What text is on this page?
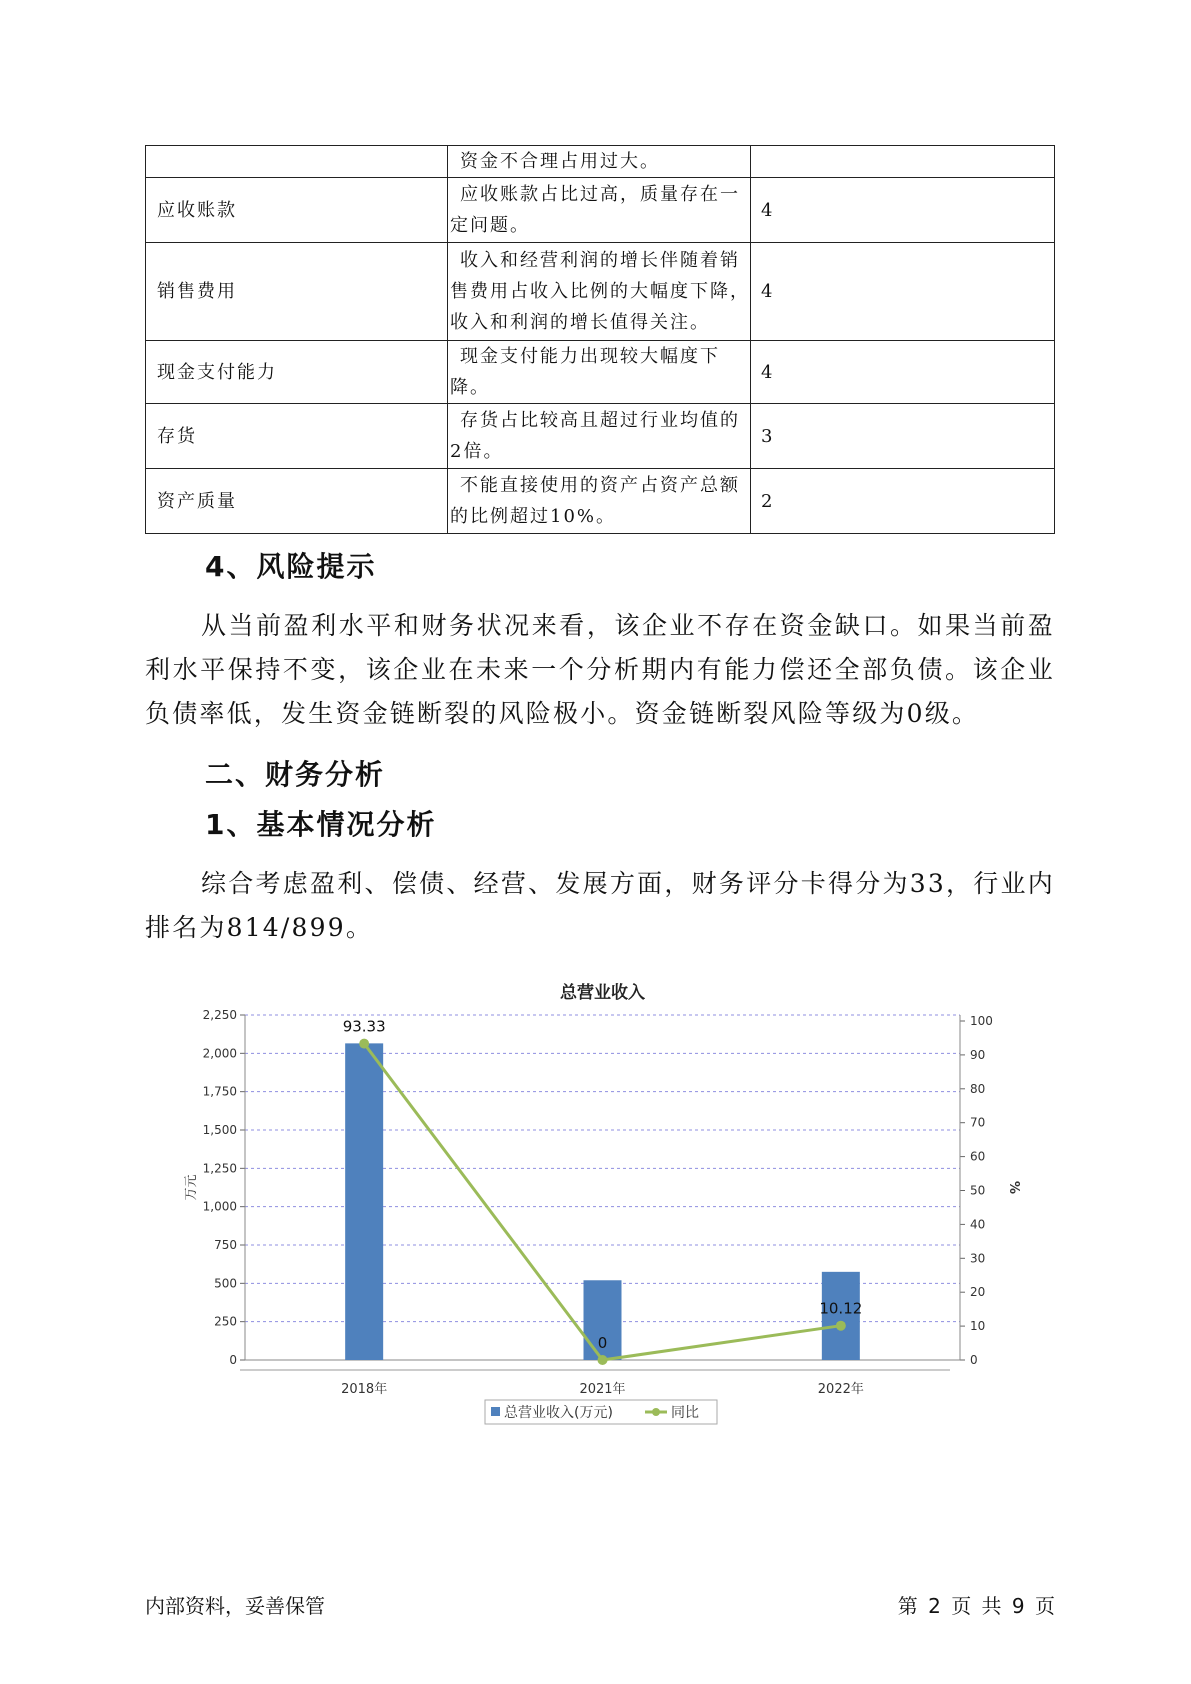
	资金不合理占用过大。	
应收账款	应收账款占比过高，质量存在一定问题。	4
销售费用	收入和经营利润的增长伴随着销售费用占收入比例的大幅度下降，收入和利润的增长值得关注。	4
现金支付能力	现金支付能力出现较大幅度下降。	4
存货	存货占比较高且超过行业均值的2倍。	3
资产质量	不能直接使用的资产占资产总额的比例超过10%。	2
4、风险提示

从当前盈利水平和财务状况来看，该企业不存在资金缺口。如果当前盈利水平保持不变，该企业在未来一个分析期内有能力偿还全部负债。该企业负债率低，发生资金链断裂的风险极小。资金链断裂风险等级为0级。

二、财务分析
1、基本情况分析

综合考虑盈利、偿债、经营、发展方面，财务评分卡得分为33，行业内排名为814/899。

总营业收入
0
250
500
750
1,000
1,250
1,500
1,750
2,000
2,250
0
10
20
30
40
50
60
70
80
90
100
万元	%
2018年	2021年	2022年
93.33
0
10.12
总营业收入(万元)	同比
内部资料，妥善保管	第 2 页 共 9 页
